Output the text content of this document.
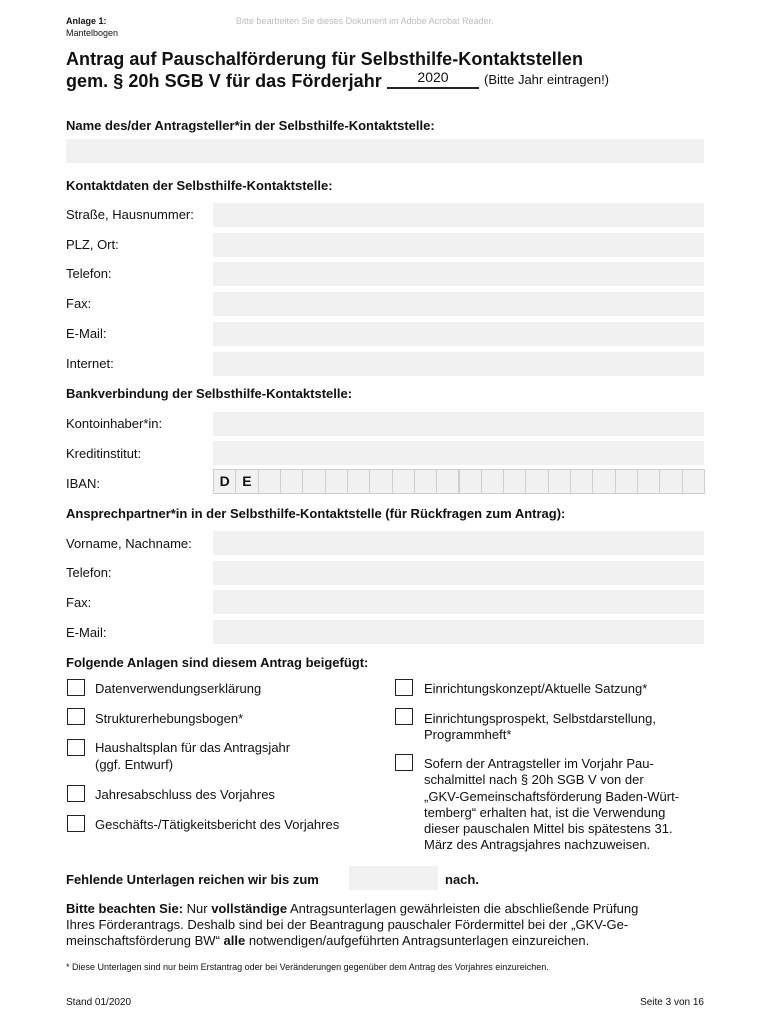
Anlage 1:
Mantelbogen
Bitte bearbeiten Sie dieses Dokument im Adobe Acrobat Reader.
Antrag auf Pauschalförderung für Selbsthilfe-Kontaktstellen
gem. § 20h SGB V für das Förderjahr	2020	(Bitte Jahr eintragen!)
Name des/der Antragsteller*in der Selbsthilfe-Kontaktstelle:
Kontaktdaten der Selbsthilfe-Kontaktstelle:
Straße, Hausnummer:
PLZ, Ort:
Telefon:
Fax:
E-Mail:
Internet:
Bankverbindung der Selbsthilfe-Kontaktstelle:
Kontoinhaber*in:
Kreditinstitut:
IBAN:	D E
Ansprechpartner*in in der Selbsthilfe-Kontaktstelle (für Rückfragen zum Antrag):
Vorname, Nachname:
Telefon:
Fax:
E-Mail:
Folgende Anlagen sind diesem Antrag beigefügt:
Datenverwendungserklärung
Strukturerhebungsbogen*
Haushaltsplan für das Antragsjahr
(ggf. Entwurf)
Jahresabschluss des Vorjahres
Geschäfts-/Tätigkeitsbericht des Vorjahres
Einrichtungskonzept/Aktuelle Satzung*
Einrichtungsprospekt, Selbstdarstellung,
Programmheft*
Sofern der Antragsteller im Vorjahr Pau-
schalmittel nach § 20h SGB V von der
„GKV-Gemeinschaftsförderung Baden-Würt-
temberg“ erhalten hat, ist die Verwendung
dieser pauschalen Mittel bis spätestens 31.
März des Antragsjahres nachzuweisen.
Fehlende Unterlagen reichen wir bis zum	nach.
Bitte beachten Sie: Nur vollständige Antragsunterlagen gewährleisten die abschließende Prüfung
Ihres Förderantrags. Deshalb sind bei der Beantragung pauschaler Fördermittel bei der „GKV-Ge-
meinschaftsförderung BW“ alle notwendigen/aufgeführten Antragsunterlagen einzureichen.
* Diese Unterlagen sind nur beim Erstantrag oder bei Veränderungen gegenüber dem Antrag des Vorjahres einzureichen.
Stand 01/2020	Seite 3 von 16
